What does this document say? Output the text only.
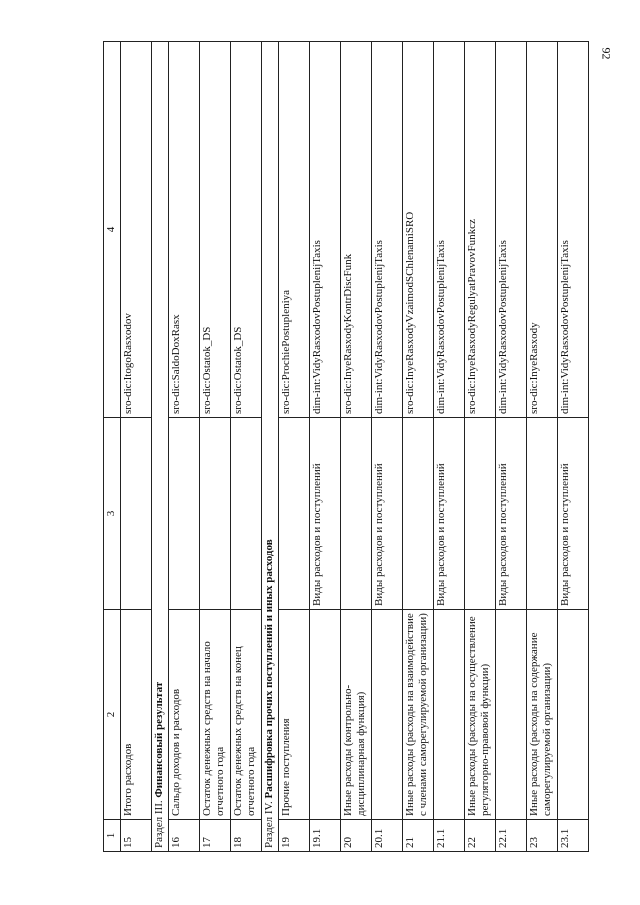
92
1	2	3	4
15	Итого расходов		sro-dic:ItogoRasxodov
Раздел III. Финансовый результат			
16	Сальдо доходов и расходов		sro-dic:SaldoDoxRasx
17	Остаток денежных средств на начало отчетного года		sro-dic:Ostatok_DS
18	Остаток денежных средств на конец отчетного года		sro-dic:Ostatok_DS
Раздел IV. Расшифровка прочих поступлений и иных расходов			
19	Прочие поступления		sro-dic:ProchiePostupleniya
19.1		Виды расходов и поступлений	dim-int:VidyRasxodovPostuplenijTaxis
20	Иные расходы (контрольно-дисциплинарная функция)		sro-dic:InyeRasxodyKontrDiscFunk
20.1		Виды расходов и поступлений	dim-int:VidyRasxodovPostuplenijTaxis
21	Иные расходы (расходы на взаимодействие с членами саморегулируемой организации)		sro-dic:InyeRasxodyVzaimodSChlenamiSRO
21.1		Виды расходов и поступлений	dim-int:VidyRasxodovPostuplenijTaxis
22	Иные расходы (расходы на осуществление регуляторно-правовой функции)		sro-dic:InyeRasxodyRegulyatPravovFunkcz
22.1		Виды расходов и поступлений	dim-int:VidyRasxodovPostuplenijTaxis
23	Иные расходы (расходы на содержание саморегулируемой организации)		sro-dic:InyeRasxody
23.1		Виды расходов и поступлений	dim-int:VidyRasxodovPostuplenijTaxis
